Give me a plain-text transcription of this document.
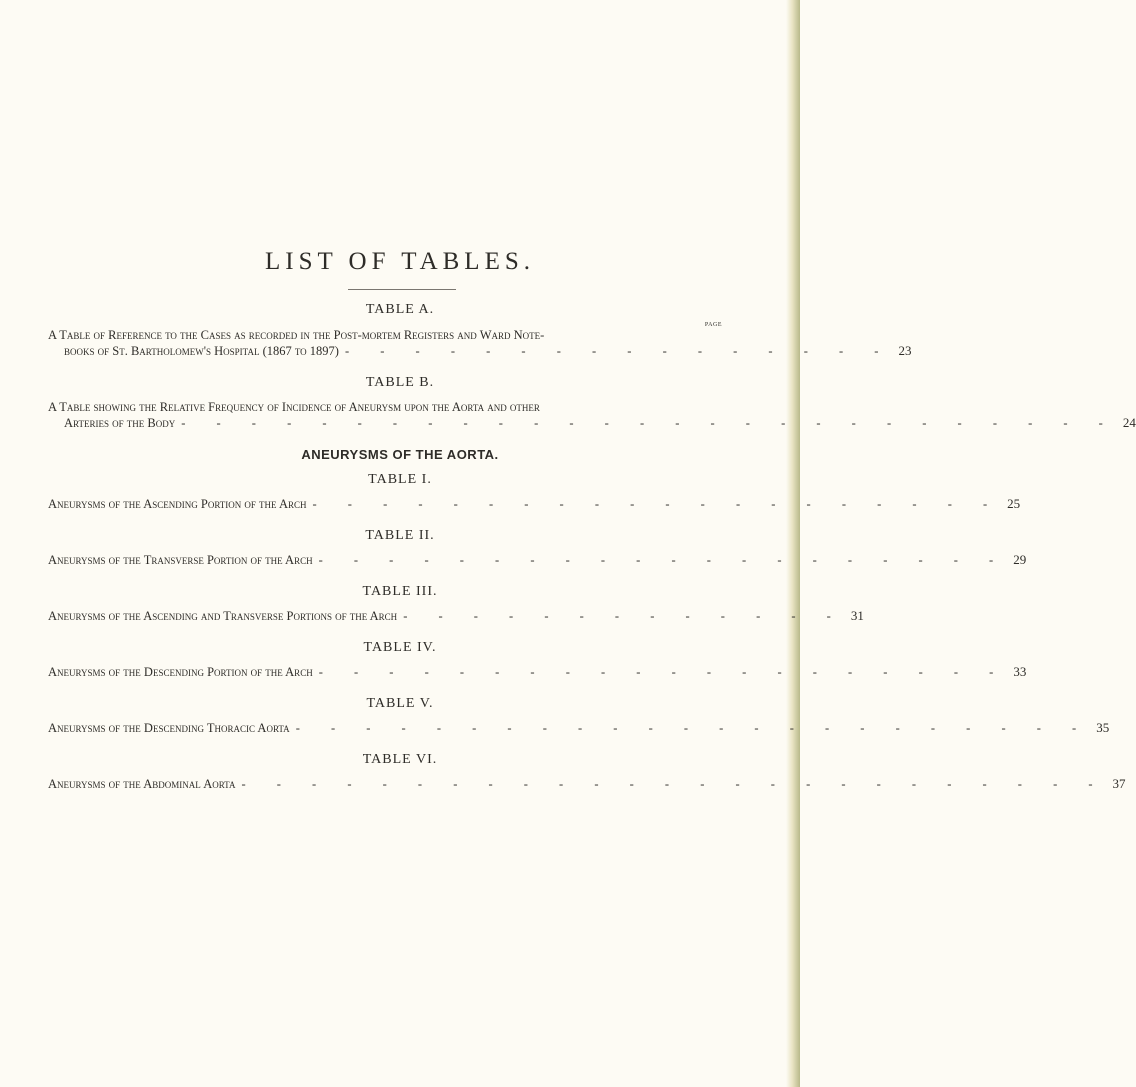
LIST OF TABLES.
TABLE A.
PAGE
A Table of Reference to the Cases as recorded in the Post-mortem Registers and Ward Note-
books of St. Bartholomew's Hospital (1867 to 1897) - - - - - - - - - - - - - - - - 23
TABLE B.
A Table showing the Relative Frequency of Incidence of Aneurysm upon the Aorta and other
Arteries of the Body - - - - - - - - - - - - - - - - - - - - - - - - - - - 24
ANEURYSMS OF THE AORTA.
TABLE I.
Aneurysms of the Ascending Portion of the Arch - - - - - - - - - - - - - - - - - - - - 25
TABLE II.
Aneurysms of the Transverse Portion of the Arch - - - - - - - - - - - - - - - - - - - - 29
TABLE III.
Aneurysms of the Ascending and Transverse Portions of the Arch - - - - - - - - - - - - - 31
TABLE IV.
Aneurysms of the Descending Portion of the Arch - - - - - - - - - - - - - - - - - - - - 33
TABLE V.
Aneurysms of the Descending Thoracic Aorta - - - - - - - - - - - - - - - - - - - - - - - 35
TABLE VI.
Aneurysms of the Abdominal Aorta - - - - - - - - - - - - - - - - - - - - - - - - - 37
